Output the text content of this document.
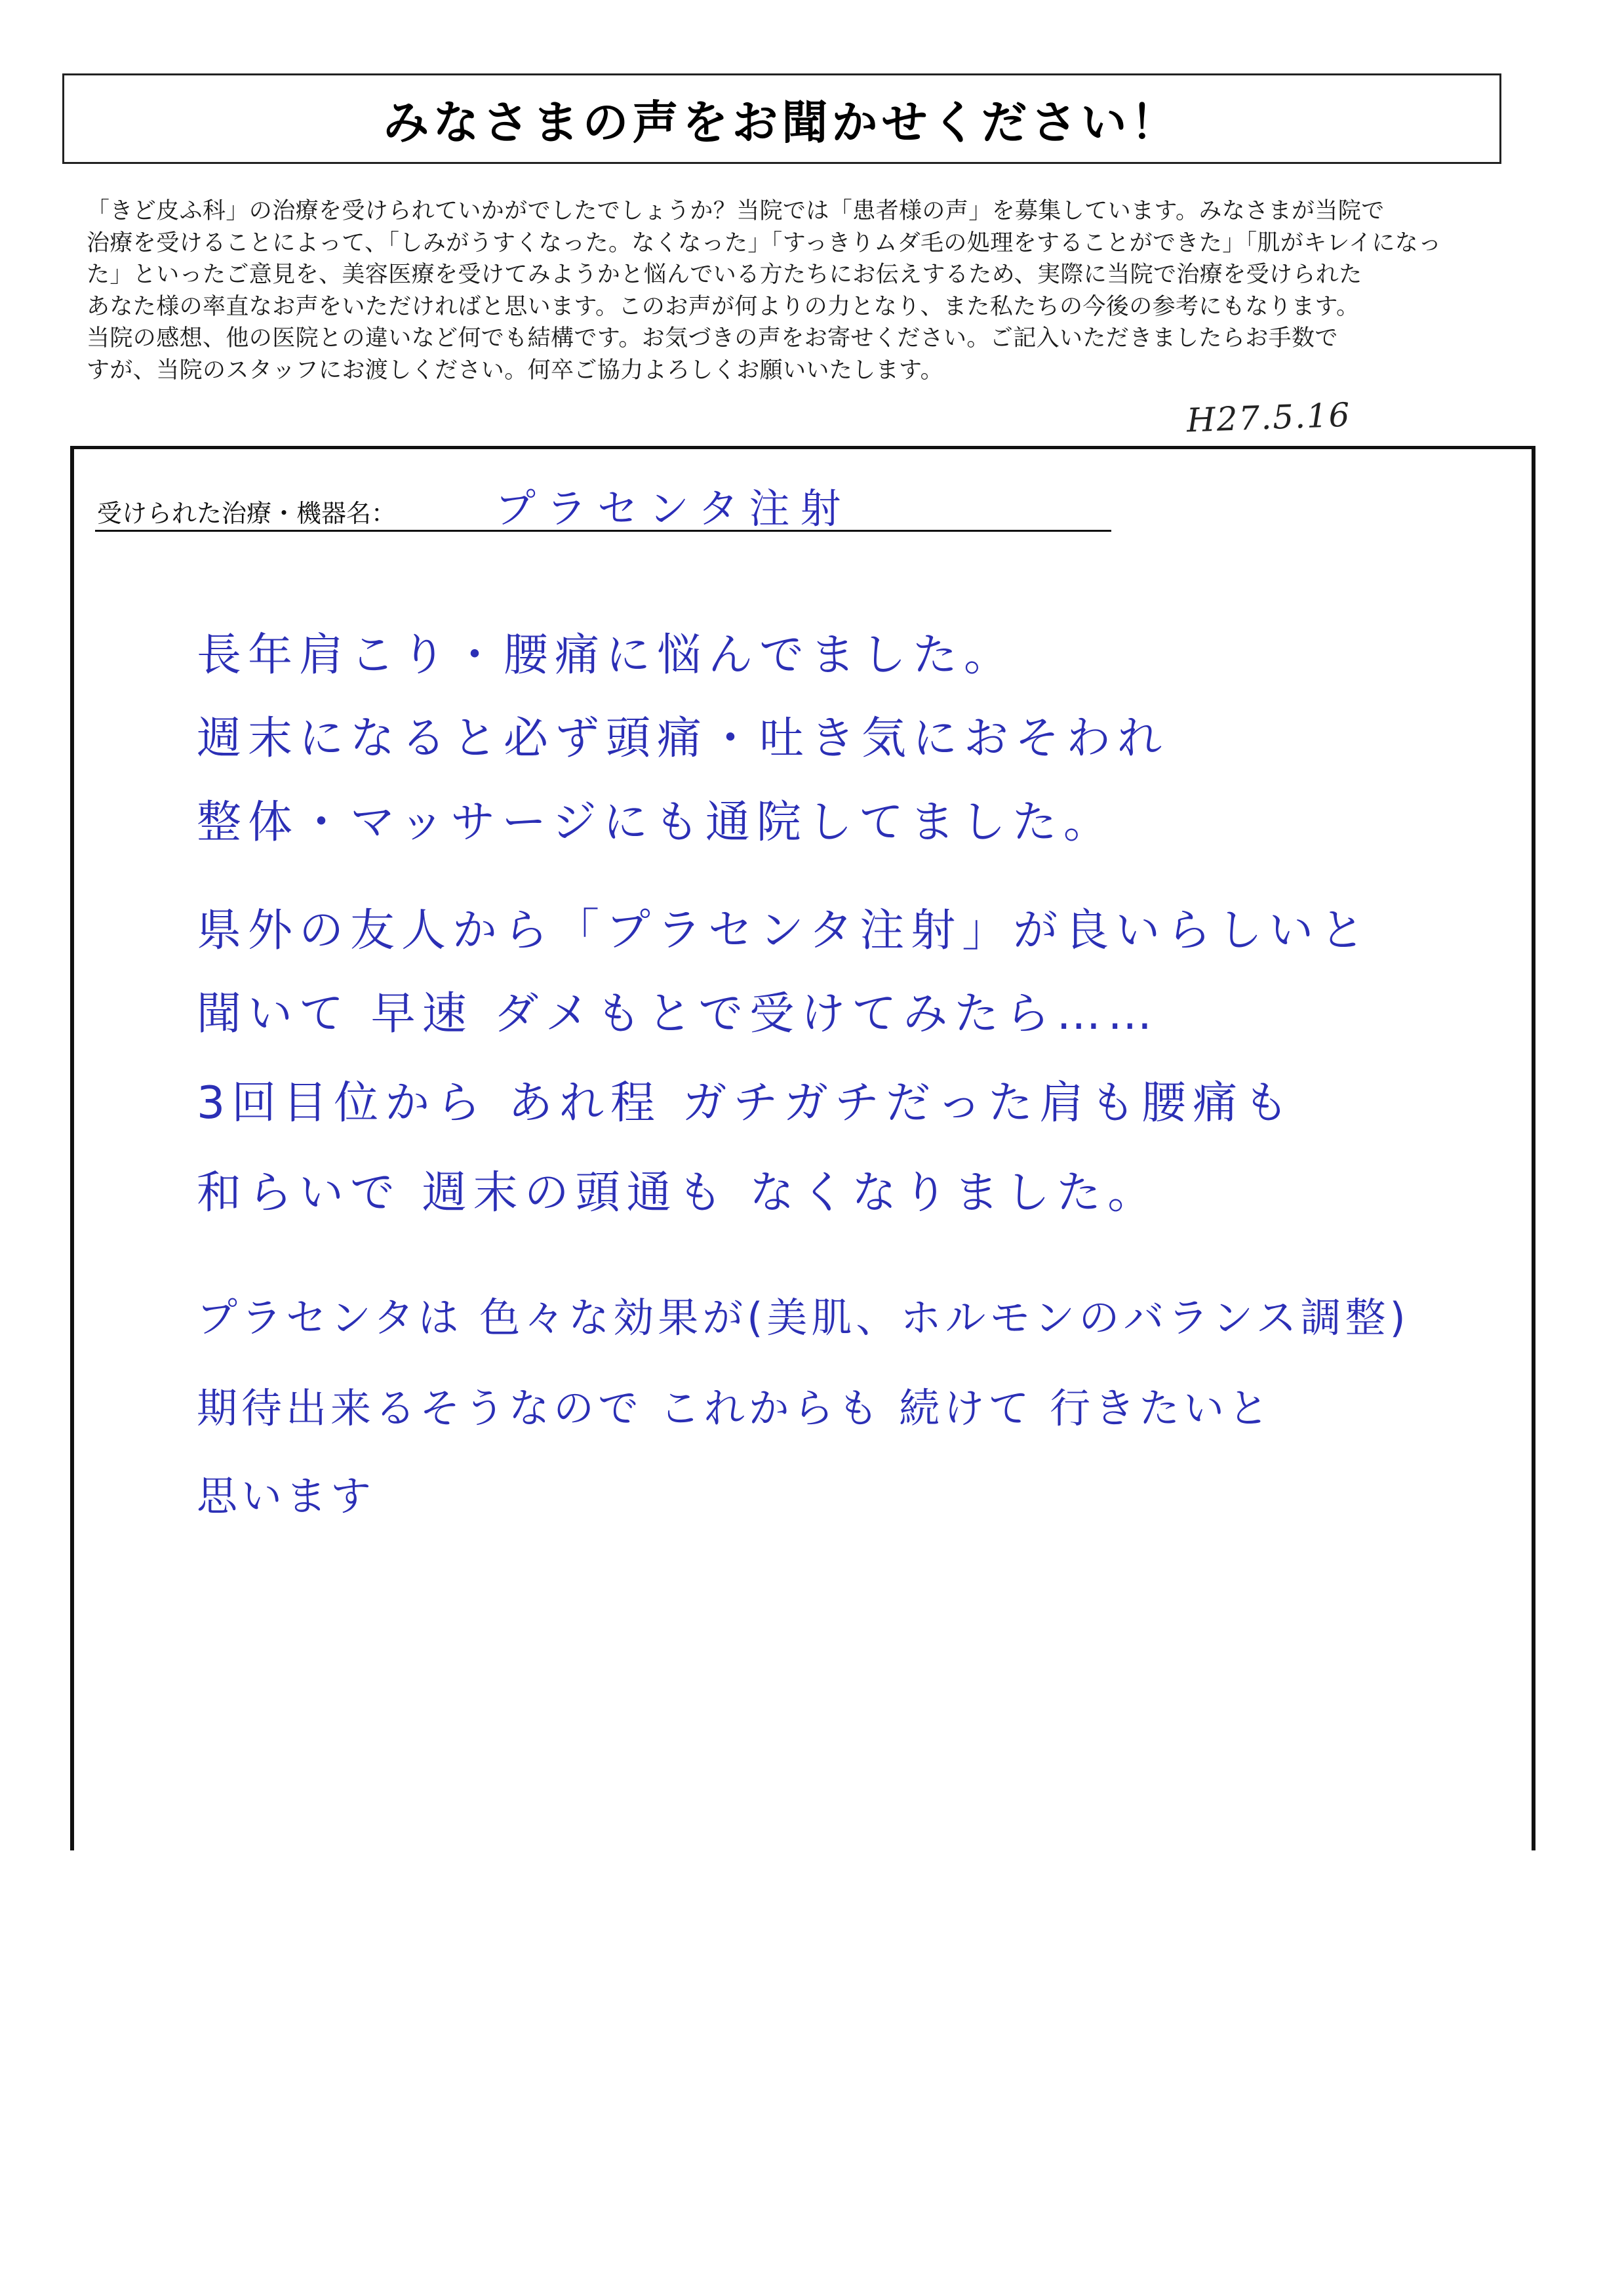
みなさまの声をお聞かせください！
「きど皮ふ科」の治療を受けられていかがでしたでしょうか？当院では「患者様の声」を募集しています。みなさまが当院で
治療を受けることによって、「しみがうすくなった。なくなった」「すっきりムダ毛の処理をすることができた」「肌がキレイになっ
た」といったご意見を、美容医療を受けてみようかと悩んでいる方たちにお伝えするため、実際に当院で治療を受けられた
あなた様の率直なお声をいただければと思います。このお声が何よりの力となり、また私たちの今後の参考にもなります。
当院の感想、他の医院との違いなど何でも結構です。お気づきの声をお寄せください。ご記入いただきましたらお手数で
すが、当院のスタッフにお渡しください。何卒ご協力よろしくお願いいたします。
H27.5.16
受けられた治療・機器名： プラセンタ注射
長年肩こり・腰痛に悩んでました。
週末になると必ず頭痛・吐き気におそわれ
整体・マッサージにも通院してました。
県外の友人から「プラセンタ注射」が良いらしいと
聞いて 早速 ダメもとで受けてみたら……
3回目位から あれ程 ガチガチだった肩も腰痛も
和らいで 週末の頭通も なくなりました。
プラセンタは 色々な効果が(美肌、ホルモンのバランス調整)
期待出来るそうなので これからも 続けて 行きたいと
思います
